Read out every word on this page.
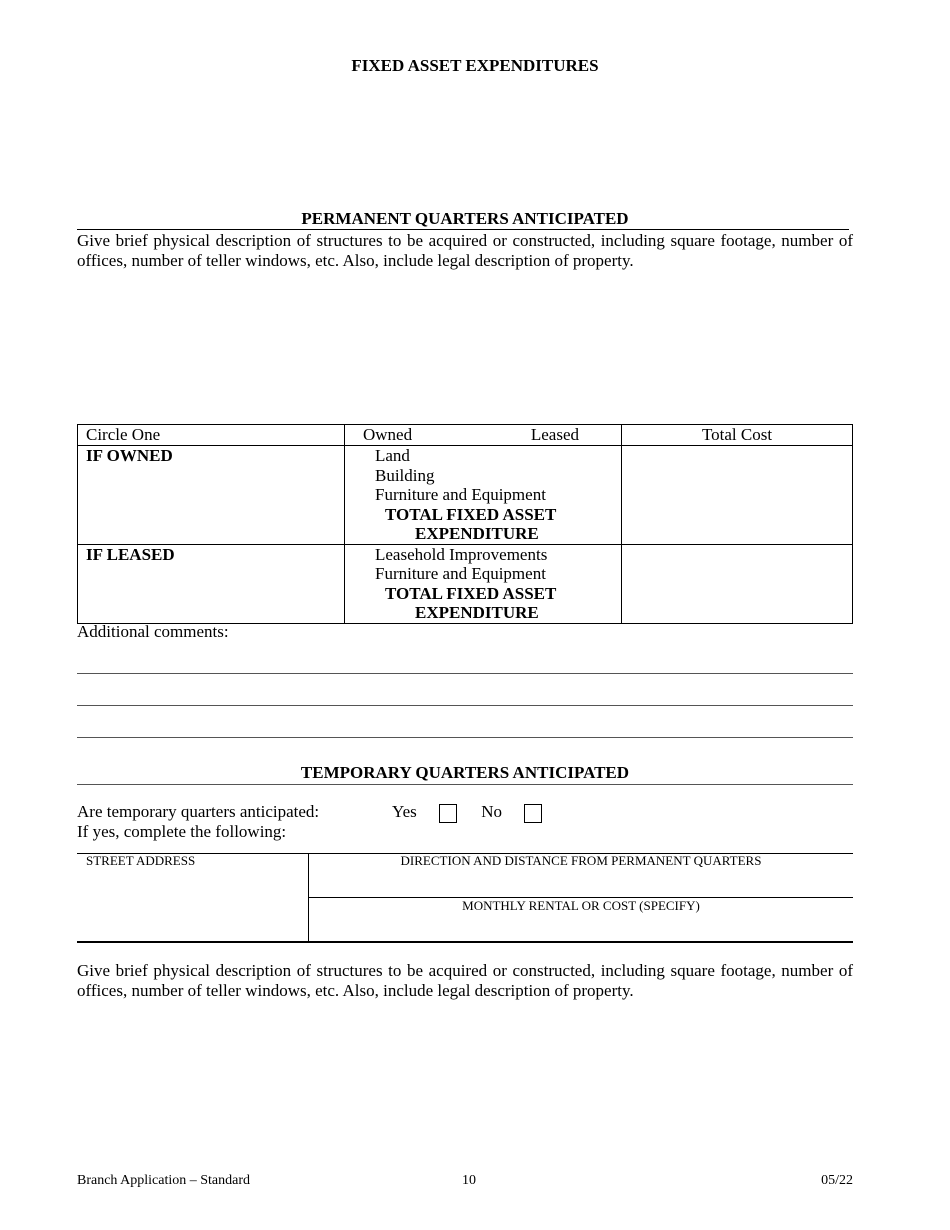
FIXED ASSET EXPENDITURES
PERMANENT QUARTERS ANTICIPATED
Give brief physical description of structures to be acquired or constructed, including square footage, number of offices, number of teller windows, etc. Also, include legal description of property.
Circle One	Owned Leased	Total Cost
IF OWNED	Land
Building
Furniture and Equipment
TOTAL FIXED ASSET
EXPENDITURE	

IF LEASED	Leasehold Improvements
Furniture and Equipment
TOTAL FIXED ASSET
EXPENDITURE	

Additional comments:
TEMPORARY QUARTERS ANTICIPATED
Are temporary quarters anticipated:
If yes, complete the following:
Yes	No
STREET ADDRESS	DIRECTION AND DISTANCE FROM PERMANENT QUARTERS
MONTHLY RENTAL OR COST (SPECIFY)
Give brief physical description of structures to be acquired or constructed, including square footage, number of offices, number of teller windows, etc. Also, include legal description of property.
Branch Application – Standard	10	05/22
